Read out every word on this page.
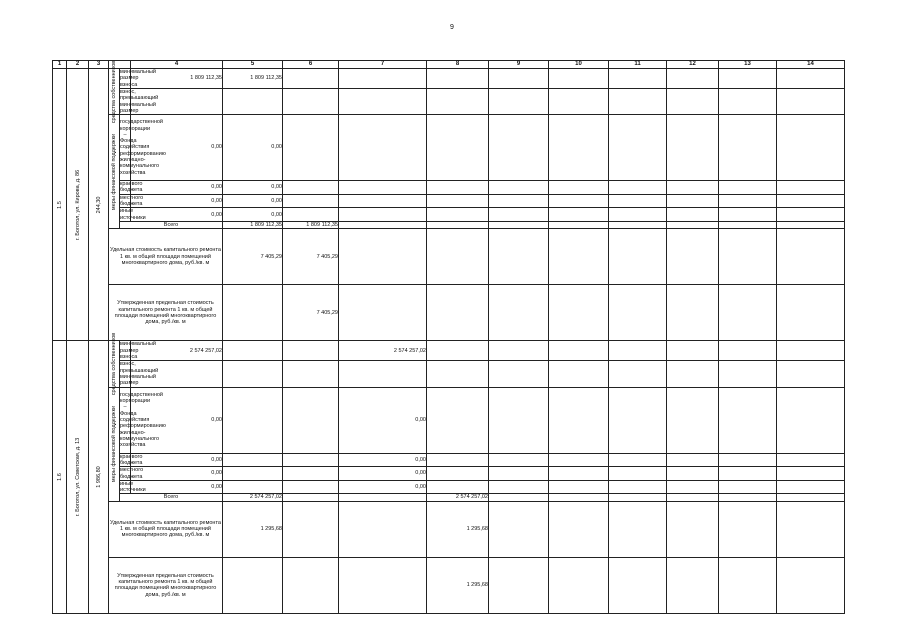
9
1	2	3			4	5	6	7	8	9	10	11	12	13	14	

1.5	г. Боготол, ул. Кирова, д. 86	244,30	средства собственников	минимальный размер взноса	1 809 112,35	1 809 112,35										
				взнос, превышающий минимальный размер												

			меры финансовой поддержки	государственной корпорации – Фонда содействия реформированию жилищно-коммунального хозяйства	0,00	0,00										
				краевого бюджета	0,00	0,00										
				местного бюджета	0,00	0,00										
				иные источники	0,00	0,00										
				Всего		1 809 112,35	1 809 112,35									
			Удельная стоимость капитального ремонта 1 кв. м общей площади помещений многоквартирного дома, руб./кв. м			7 405,29	7 405,29									
			Утвержденная предельная стоимость капитального ремонта 1 кв. м общей площади помещений многоквартирного дома, руб./кв. м				7 405,29									

1.6	г. Боготол, ул. Советская, д. 13	1 986,80	средства собственников	минимальный размер взноса	2 574 257,02			2 574 257,02								
				взнос, превышающий минимальный размер												

			меры финансовой поддержки	государственной корпорации – Фонда содействия реформированию жилищно-коммунального хозяйства	0,00			0,00								
				краевого бюджета	0,00			0,00								
				местного бюджета	0,00			0,00								
				иные источники	0,00			0,00								
				Всего		2 574 257,02			2 574 257,02							
			Удельная стоимость капитального ремонта 1 кв. м общей площади помещений многоквартирного дома, руб./кв. м			1 295,68			1 295,68							
			Утвержденная предельная стоимость капитального ремонта 1 кв. м общей площади помещений многоквартирного дома, руб./кв. м						1 295,68							
